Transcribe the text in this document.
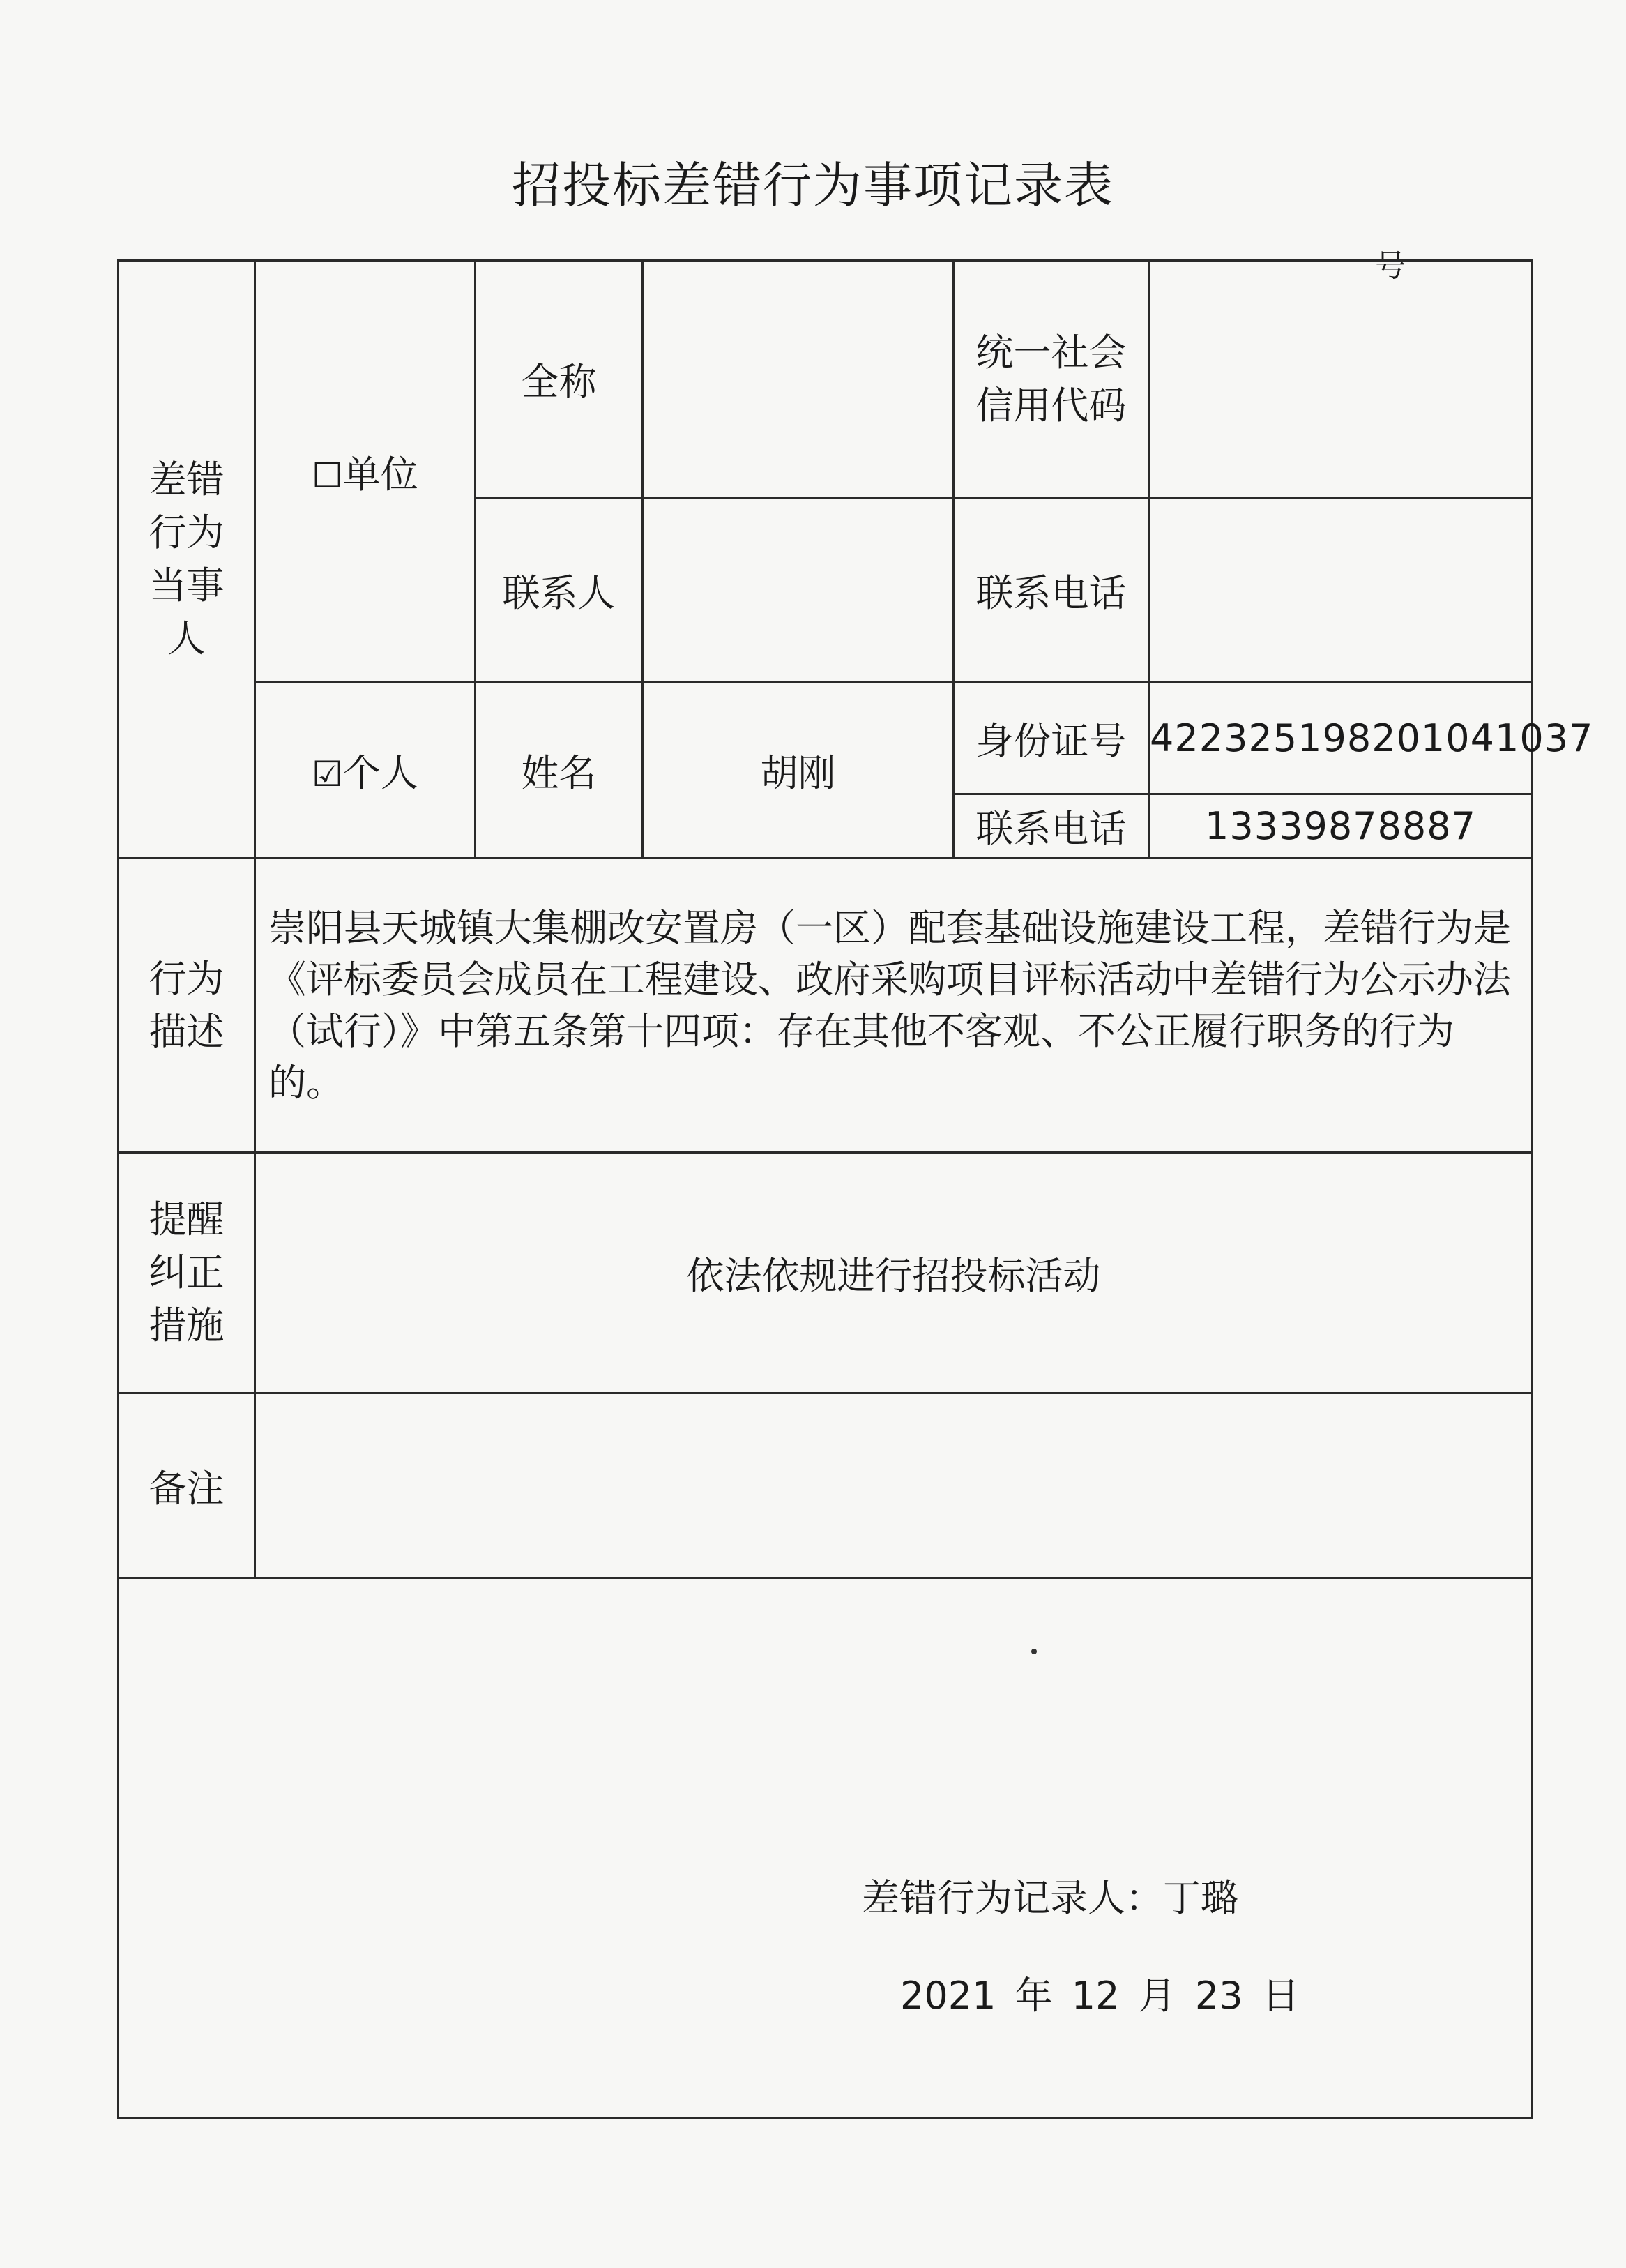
招投标差错行为事项记录表
号
差错
行为
当事
人	☐单位	全称		统一社会
信用代码	

		联系人		联系电话	
	☑个人	姓名	胡刚	身份证号	422325198201041037
				联系电话	13339878887

行为
描述	崇阳县天城镇大集棚改安置房（一区）配套基础设施建设工程，差错行为是《评标委员会成员在工程建设、政府采购项目评标活动中差错行为公示办法（试行）》中第五条第十四项：存在其他不客观、不公正履行职务的行为的。				

提醒
纠正
措施	依法依规进行招投标活动				
备注					

差错行为记录人：丁璐
2021 年 12 月 23 日					
